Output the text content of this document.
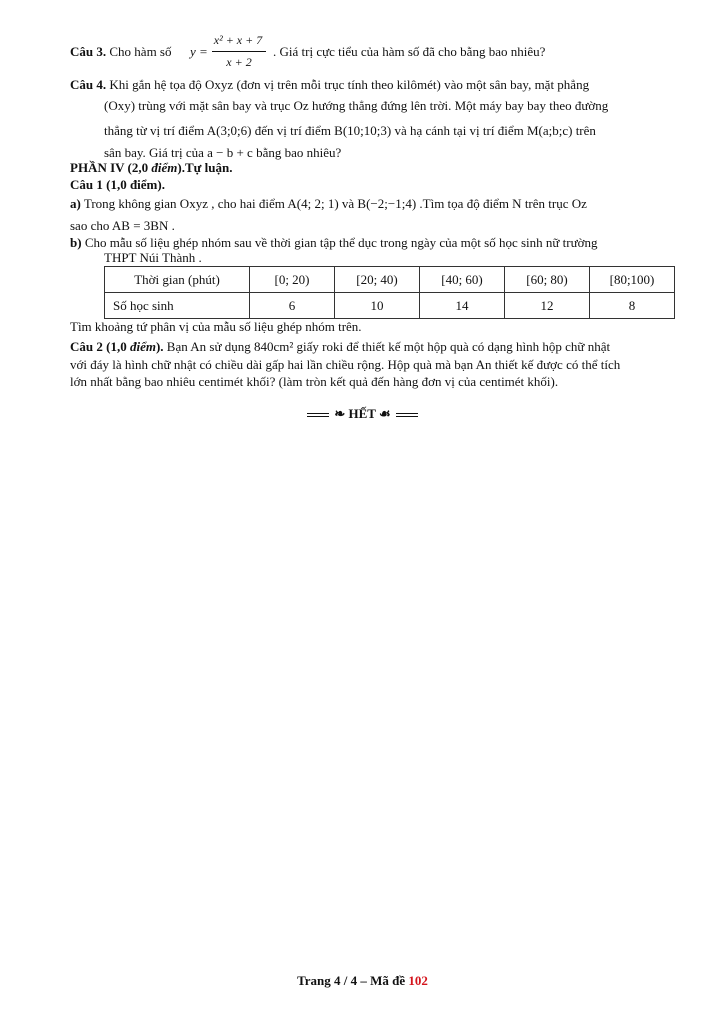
Câu 3. Cho hàm số y =
x² + x + 7
x + 2
. Giá trị cực tiểu của hàm số đã cho bằng bao nhiêu?
Câu 4. Khi gắn hệ tọa độ Oxyz (đơn vị trên mỗi trục tính theo kilômét) vào một sân bay, mặt phẳng
(Oxy) trùng với mặt sân bay và trục Oz hướng thẳng đứng lên trời. Một máy bay bay theo đường
thẳng từ vị trí điểm A(3;0;6) đến vị trí điểm B(10;10;3) và hạ cánh tại vị trí điểm M(a;b;c) trên
sân bay. Giá trị của a − b + c bằng bao nhiêu?
PHẦN IV (2,0 điểm).Tự luận.
Câu 1 (1,0 điểm).
a) Trong không gian Oxyz , cho hai điểm A(4; 2; 1) và B(−2;−1;4) .Tìm tọa độ điểm N trên trục Oz
sao cho AB = 3BN .
b) Cho mẫu số liệu ghép nhóm sau về thời gian tập thể dục trong ngày của một số học sinh nữ trường
THPT Núi Thành .
Thời gian (phút)	[0; 20)	[20; 40)	[40; 60)	[60; 80)	[80;100)
Số học sinh	6	10	14	12	8
Tìm khoảng tứ phân vị của mẫu số liệu ghép nhóm trên.
Câu 2 (1,0 điểm). Bạn An sử dụng 840cm² giấy roki để thiết kế một hộp quà có dạng hình hộp chữ nhật
với đáy là hình chữ nhật có chiều dài gấp hai lần chiều rộng. Hộp quà mà bạn An thiết kế được có thể tích
lớn nhất bằng bao nhiêu centimét khối? (làm tròn kết quả đến hàng đơn vị của centimét khối).
❧ HẾT ☙
Trang 4 / 4 – Mã đề 102
